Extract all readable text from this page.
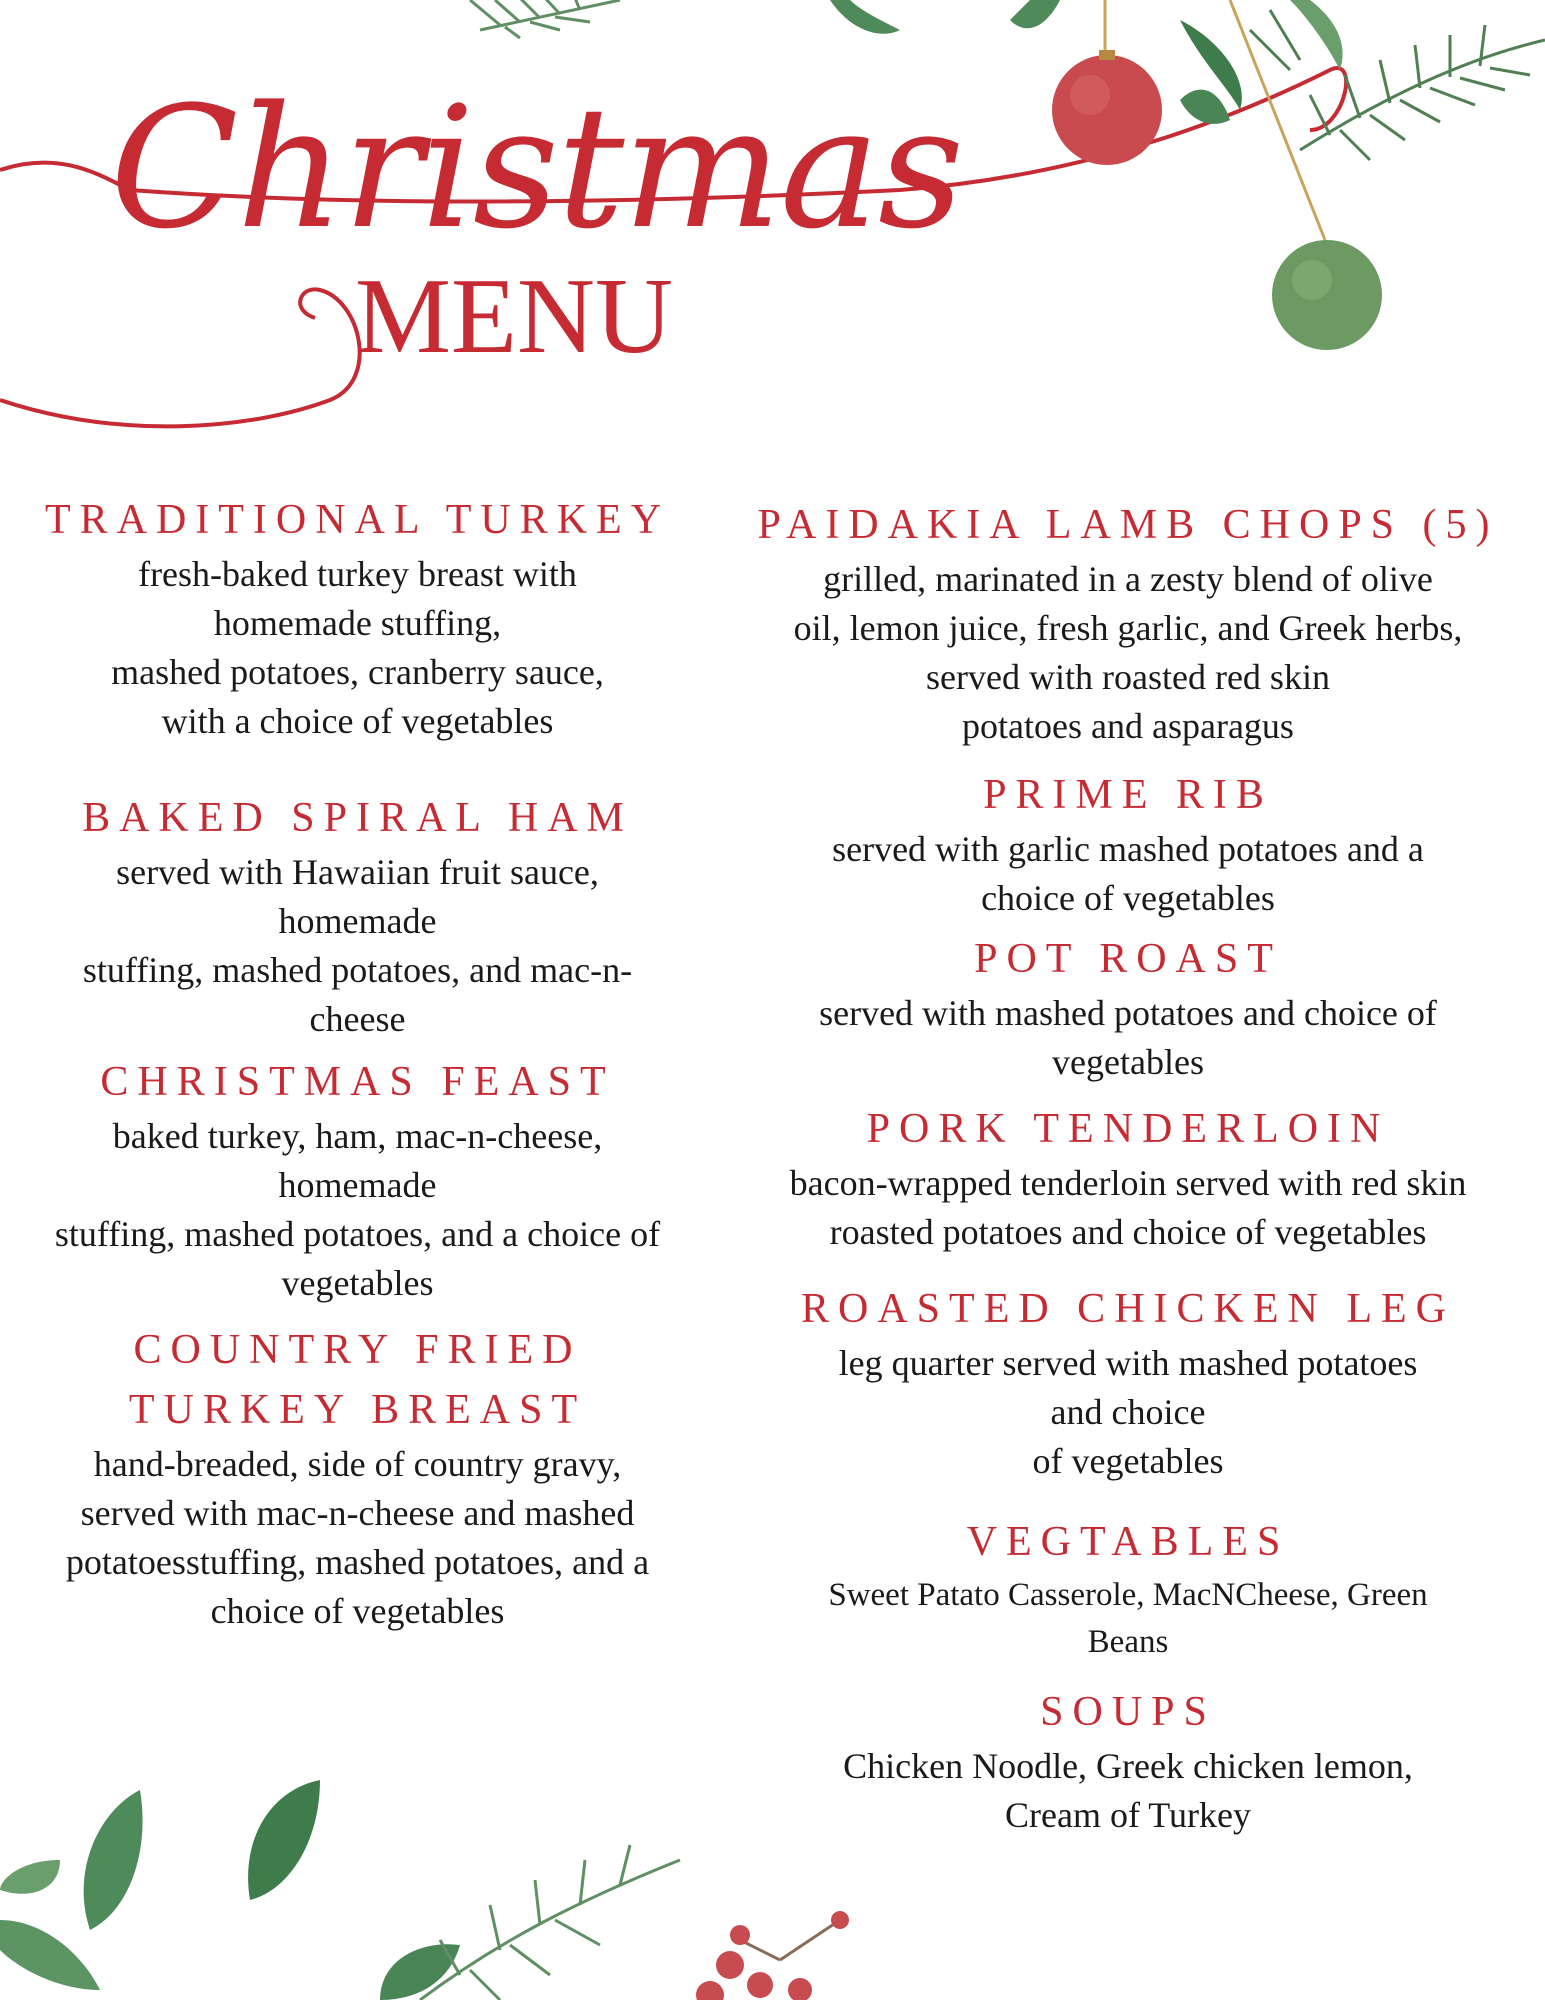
Christmas
MENU
TRADITIONAL TURKEY

fresh-baked turkey breast with
homemade stuffing,
mashed potatoes, cranberry sauce,
with a choice of vegetables

BAKED SPIRAL HAM

served with Hawaiian fruit sauce,
homemade
stuffing, mashed potatoes, and mac-n-
cheese

CHRISTMAS FEAST

baked turkey, ham, mac-n-cheese,
homemade
stuffing, mashed potatoes, and a choice of
vegetables

COUNTRY FRIED
TURKEY BREAST

hand-breaded, side of country gravy,
served with mac-n-cheese and mashed
potatoesstuffing, mashed potatoes, and a
choice of vegetables

PAIDAKIA LAMB CHOPS (5)

grilled, marinated in a zesty blend of olive
oil, lemon juice, fresh garlic, and Greek herbs,
served with roasted red skin
potatoes and asparagus

PRIME RIB

served with garlic mashed potatoes and a
choice of vegetables

POT ROAST

served with mashed potatoes and choice of
vegetables

PORK TENDERLOIN

bacon-wrapped tenderloin served with red skin
roasted potatoes and choice of vegetables

ROASTED CHICKEN LEG

leg quarter served with mashed potatoes
and choice
of vegetables

VEGTABLES

Sweet Patato Casserole, MacNCheese, Green
Beans

SOUPS

Chicken Noodle, Greek chicken lemon,
Cream of Turkey
